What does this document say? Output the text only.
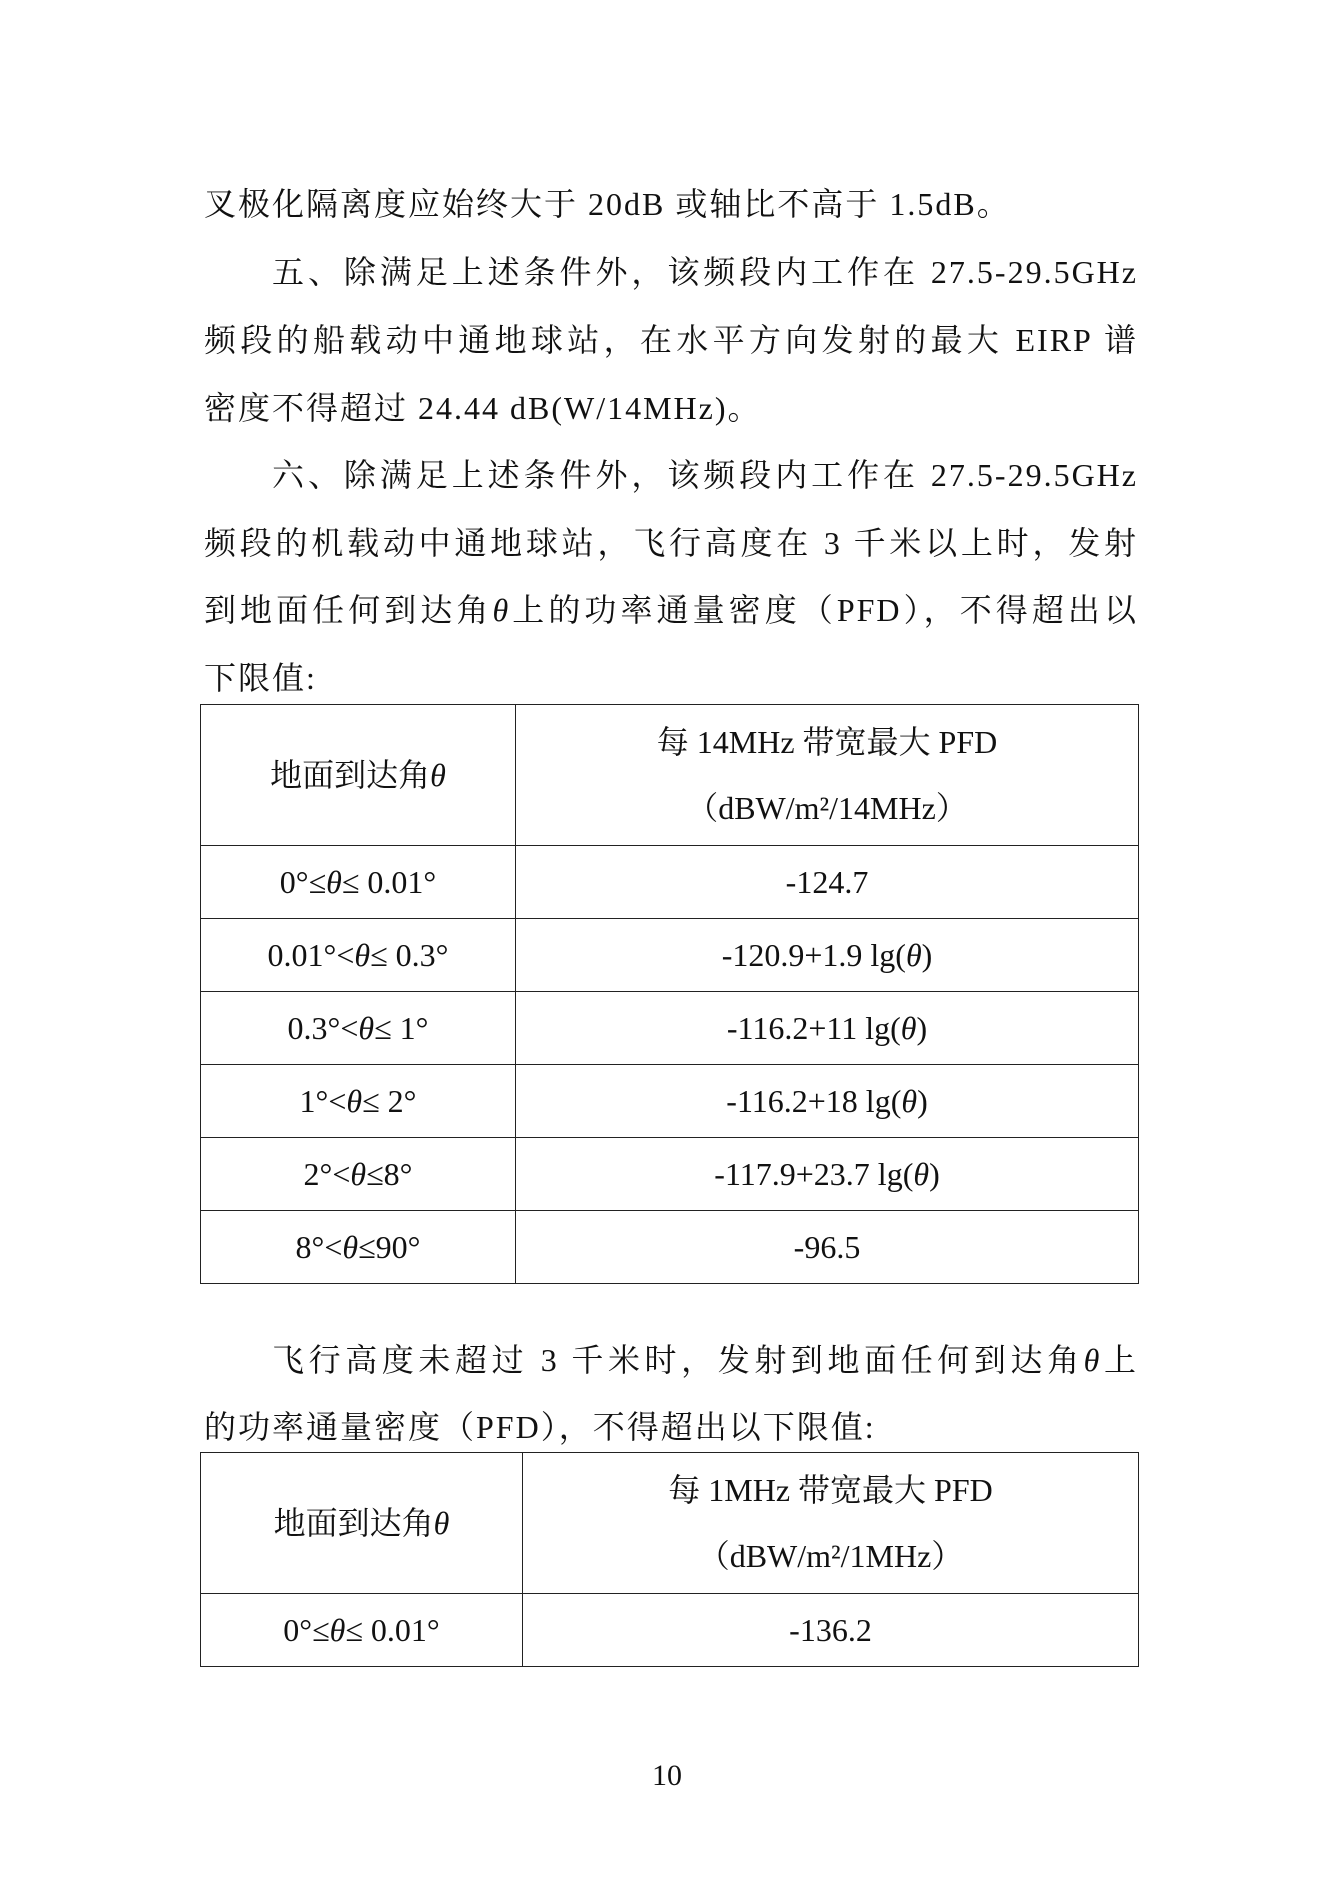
叉极化隔离度应始终大于 20dB 或轴比不高于 1.5dB。
五、除满足上述条件外，该频段内工作在 27.5-29.5GHz
频段的船载动中通地球站，在水平方向发射的最大 EIRP 谱
密度不得超过 24.44 dB(W/14MHz)。
六、除满足上述条件外，该频段内工作在 27.5-29.5GHz
频段的机载动中通地球站，飞行高度在 3 千米以上时，发射
到地面任何到达角θ上的功率通量密度（PFD），不得超出以
下限值:
地面到达角θ	每 14MHz 带宽最大 PFD
（dBW/m²/14MHz）

0°≤θ≤ 0.01°	-124.7
0.01°<θ≤ 0.3°	-120.9+1.9 lg(θ)
0.3°<θ≤ 1°	-116.2+11 lg(θ)
1°<θ≤ 2°	-116.2+18 lg(θ)
2°<θ≤8°	-117.9+23.7 lg(θ)
8°<θ≤90°	-96.5
飞行高度未超过 3 千米时，发射到地面任何到达角θ上
的功率通量密度（PFD），不得超出以下限值:
地面到达角θ	每 1MHz 带宽最大 PFD
（dBW/m²/1MHz）

0°≤θ≤ 0.01°	-136.2
10
